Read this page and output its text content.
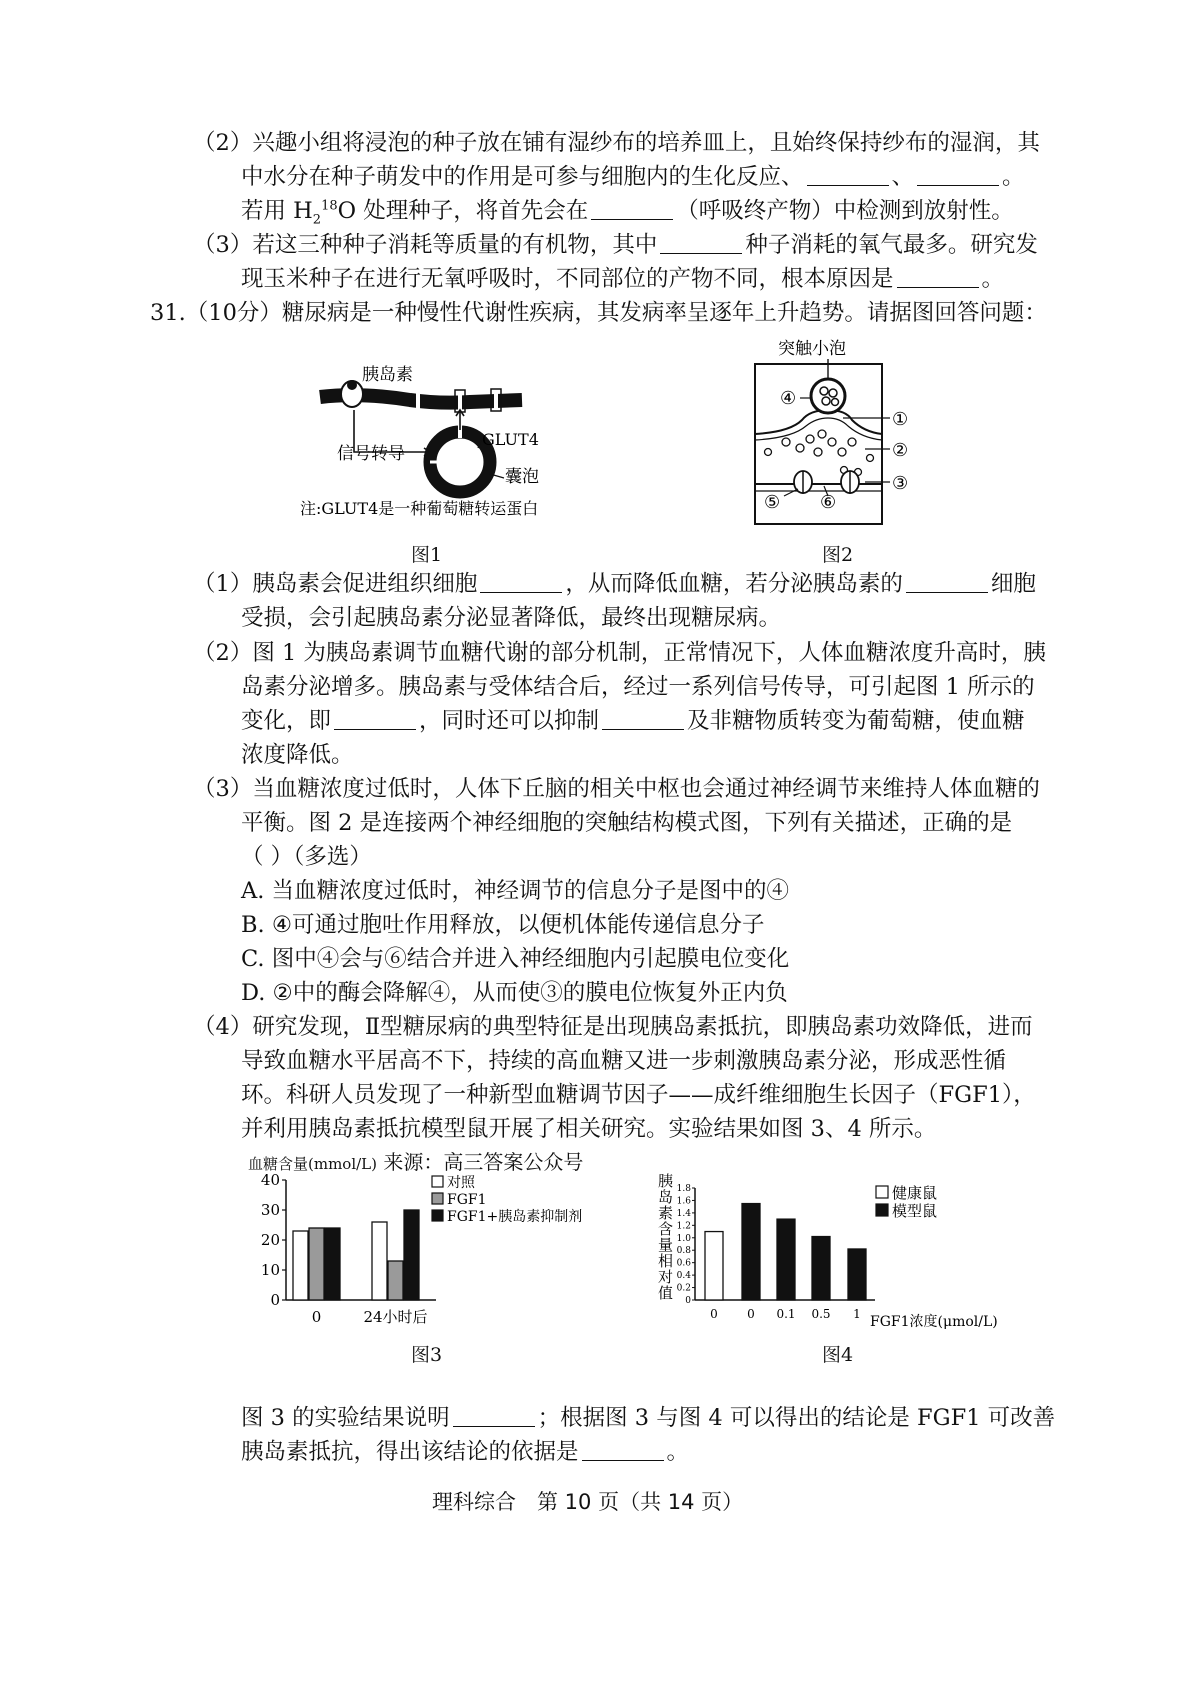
（2）兴趣小组将浸泡的种子放在铺有湿纱布的培养皿上，且始终保持纱布的湿润，其
中水分在种子萌发中的作用是可参与细胞内的生化反应、	、	。
若用 $H_2^{18}O$ 处理种子，将首先会在	（呼吸终产物）中检测到放射性。
（3）若这三种种子消耗等质量的有机物，其中	种子消耗的氧气最多。研究发
现玉米种子在进行无氧呼吸时，不同部位的产物不同，根本原因是	。
31.（10分）糖尿病是一种慢性代谢性疾病，其发病率呈逐年上升趋势。请据图回答问题：
胰岛素
GLUT4
信号转导
囊泡
注:GLUT4是一种葡萄糖转运蛋白
图1
突触小泡
④
①
②
③
⑤ ⑥
图2
（1）胰岛素会促进组织细胞	，从而降低血糖，若分泌胰岛素的	细胞
受损，会引起胰岛素分泌显著降低，最终出现糖尿病。
（2）图 1 为胰岛素调节血糖代谢的部分机制，正常情况下，人体血糖浓度升高时，胰
岛素分泌增多。胰岛素与受体结合后，经过一系列信号传导，可引起图 1 所示的
变化，即	，同时还可以抑制	及非糖物质转变为葡萄糖，使血糖
浓度降低。
（3）当血糖浓度过低时，人体下丘脑的相关中枢也会通过神经调节来维持人体血糖的
平衡。图 2 是连接两个神经细胞的突触结构模式图，下列有关描述，正确的是
（ ）（多选）
A. 当血糖浓度过低时，神经调节的信息分子是图中的④
B. ④可通过胞吐作用释放，以便机体能传递信息分子
C. 图中④会与⑥结合并进入神经细胞内引起膜电位变化
D. ②中的酶会降解④，从而使③的膜电位恢复外正内负
（4）研究发现，Ⅱ型糖尿病的典型特征是出现胰岛素抵抗，即胰岛素功效降低，进而
导致血糖水平居高不下，持续的高血糖又进一步刺激胰岛素分泌，形成恶性循
环。科研人员发现了一种新型血糖调节因子——成纤维细胞生长因子（FGF1），
并利用胰岛素抵抗模型鼠开展了相关研究。实验结果如图 3、4 所示。
血糖含量(mmol/L) 来源：高三答案公众号
40
30
20
10
0
0	24小时后
对照
FGF1
FGF1+胰岛素抑制剂
图3
胰
岛
素
含
量
相
对
值
1.8
1.6
1.4
1.2
1.0
0.8
0.6
0.4
0.2
0
0 0 0.1 0.5 1 FGF1浓度(μmol/L)
健康鼠
模型鼠
图4
图 3 的实验结果说明	；根据图 3 与图 4 可以得出的结论是 FGF1 可改善
胰岛素抵抗，得出该结论的依据是	。
理科综合　第 10 页（共 14 页）
